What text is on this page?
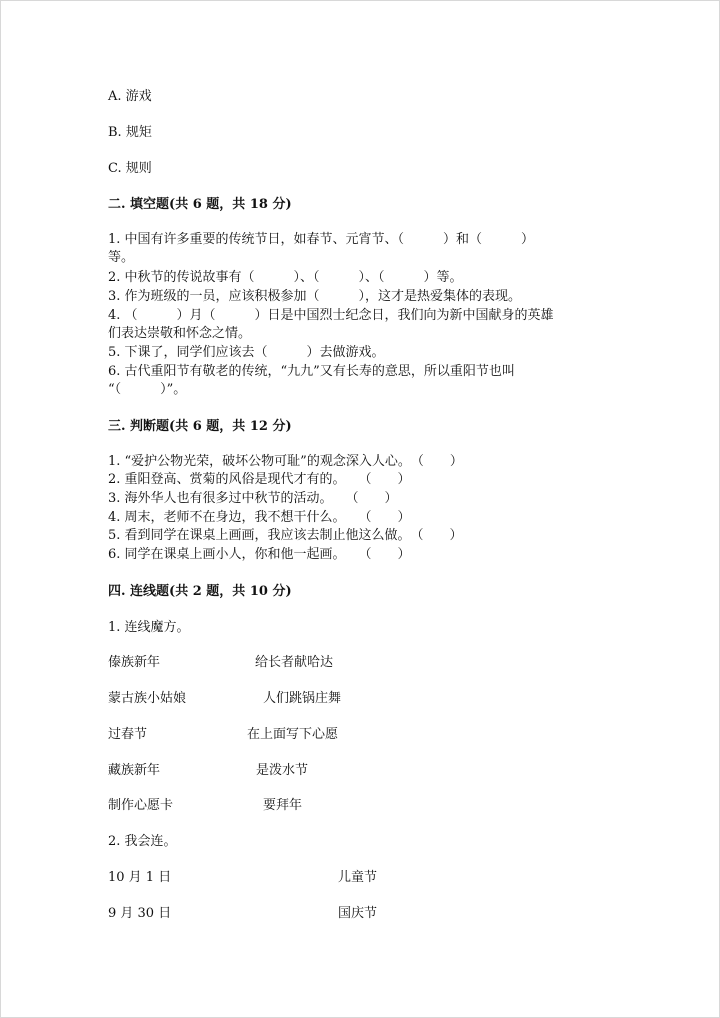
A. 游戏
B. 规矩
C. 规则
二. 填空题(共 6 题，共 18 分)
1. 中国有许多重要的传统节日，如春节、元宵节、（　　　）和（　　　）
等。
2. 中秋节的传说故事有（　　　）、（　　　）、（　　　）等。
3. 作为班级的一员，应该积极参加（　　　），这才是热爱集体的表现。
4. （　　　）月（　　　）日是中国烈士纪念日，我们向为新中国献身的英雄
们表达崇敬和怀念之情。
5. 下课了，同学们应该去（　　　）去做游戏。
6. 古代重阳节有敬老的传统，“九九”又有长寿的意思，所以重阳节也叫
“（　　　）”。
三. 判断题(共 6 题，共 12 分)
1. “爱护公物光荣，破坏公物可耻”的观念深入人心。　（　　）
2. 重阳登高、赏菊的风俗是现代才有的。　　（　　）
3. 海外华人也有很多过中秋节的活动。　　（　　）
4. 周末，老师不在身边，我不想干什么。　　（　　）
5. 看到同学在课桌上画画，我应该去制止他这么做。　（　　）
6. 同学在课桌上画小人，你和他一起画。　　（　　）
四. 连线题(共 2 题，共 10 分)
1. 连线魔方。
傣族新年	给长者献哈达
蒙古族小姑娘	人们跳锅庄舞
过春节	在上面写下心愿
藏族新年	是泼水节
制作心愿卡	要拜年
2. 我会连。
10 月 1 日	儿童节
9 月 30 日	国庆节
